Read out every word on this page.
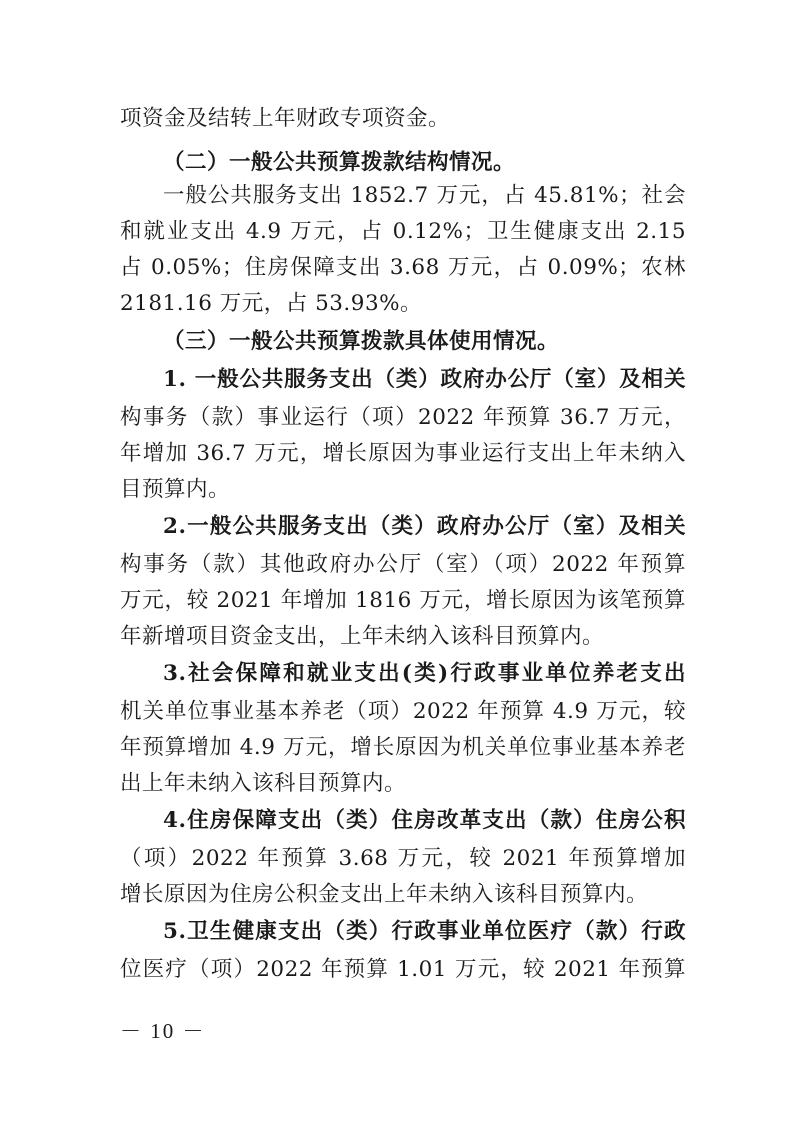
项资金及结转上年财政专项资金。
（二）一般公共预算拨款结构情况。
一般公共服务支出 1852.7 万元，占 45.81%；社会
和就业支出 4.9 万元，占 0.12%；卫生健康支出 2.15
占 0.05%；住房保障支出 3.68 万元，占 0.09%；农林
2181.16 万元，占 53.93%。
（三）一般公共预算拨款具体使用情况。
1. 一般公共服务支出（类）政府办公厅（室）及相关
构事务（款）事业运行（项）2022 年预算 36.7 万元，
年增加 36.7 万元，增长原因为事业运行支出上年未纳入
目预算内。
2.一般公共服务支出（类）政府办公厅（室）及相关
构事务（款）其他政府办公厅（室）（项）2022 年预算
万元，较 2021 年增加 1816 万元，增长原因为该笔预算
年新增项目资金支出，上年未纳入该科目预算内。
3.社会保障和就业支出(类)行政事业单位养老支出
机关单位事业基本养老（项）2022 年预算 4.9 万元，较
年预算增加 4.9 万元，增长原因为机关单位事业基本养老
出上年未纳入该科目预算内。
4.住房保障支出（类）住房改革支出（款）住房公积
（项）2022 年预算 3.68 万元，较 2021 年预算增加
增长原因为住房公积金支出上年未纳入该科目预算内。
5.卫生健康支出（类）行政事业单位医疗（款）行政
位医疗（项）2022 年预算 1.01 万元，较 2021 年预算
－ 10 －
